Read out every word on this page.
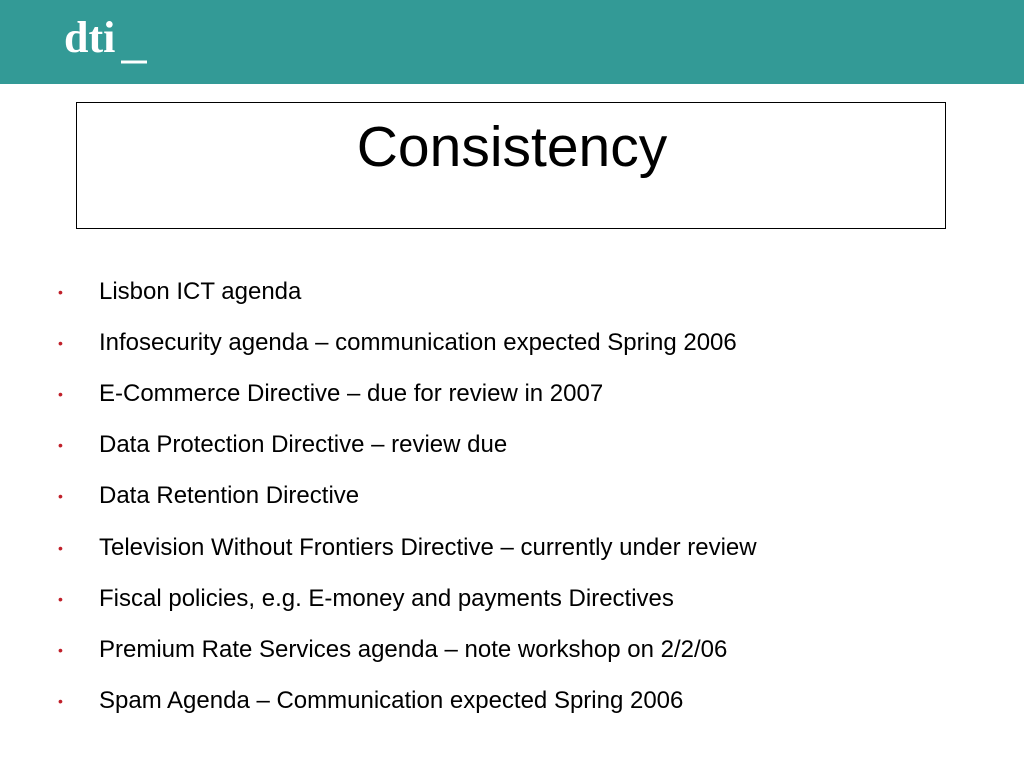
dti
Consistency
• Lisbon ICT agenda
• Infosecurity agenda – communication expected Spring 2006
• E-Commerce Directive – due for review in 2007
• Data Protection Directive – review due
• Data Retention Directive
• Television Without Frontiers Directive – currently under review
• Fiscal policies, e.g. E-money and payments Directives
• Premium Rate Services agenda – note workshop on 2/2/06
• Spam Agenda – Communication expected Spring 2006
